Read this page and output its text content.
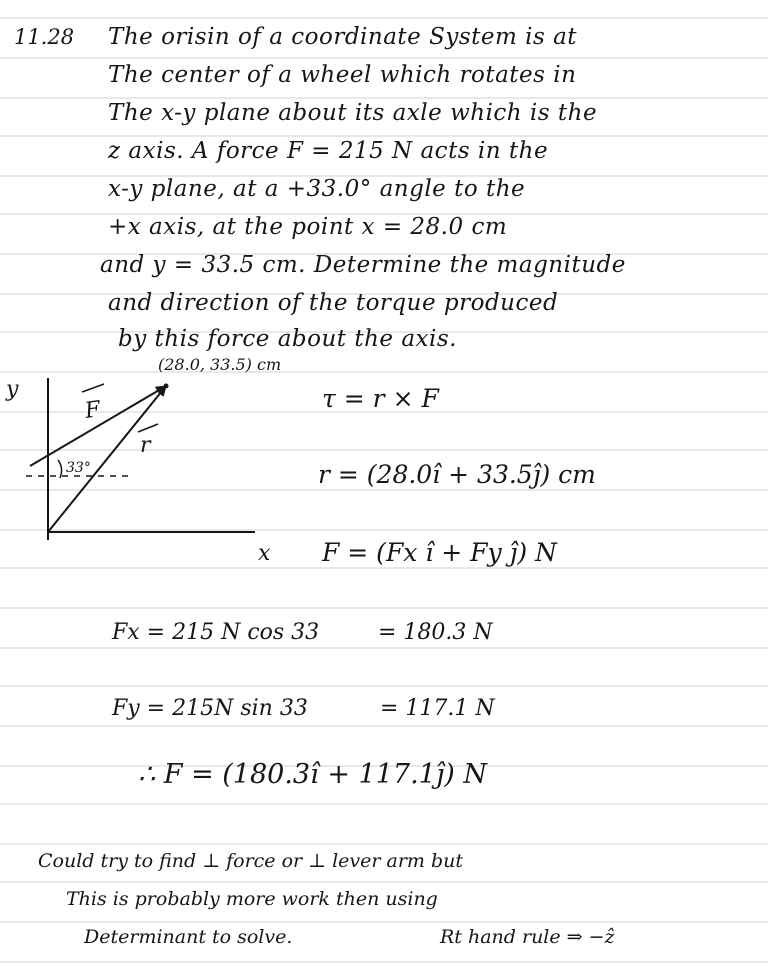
11.28 The orisin of a coordinate System is at
The center of a wheel which rotates in
The x-y plane about its axle which is the
z axis. A force F = 215 N acts in the
x-y plane, at a +33.0° angle to the
+x axis, at the point x = 28.0 cm
and y = 33.5 cm. Determine the magnitude
and direction of the torque produced
by this force about the axis.
y
x
(28.0, 33.5) cm
F
r
33°
τ = r × F
r = (28.0î + 33.5ĵ) cm
F = (Fx î + Fy ĵ) N
Fx = 215 N cos 33	= 180.3 N
Fy = 215N sin 33	= 117.1 N
∴ F = (180.3î + 117.1ĵ) N
Could try to find ⊥ force or ⊥ lever arm but
This is probably more work then using
Determinant to solve.	Rt hand rule ⇒ −ẑ
